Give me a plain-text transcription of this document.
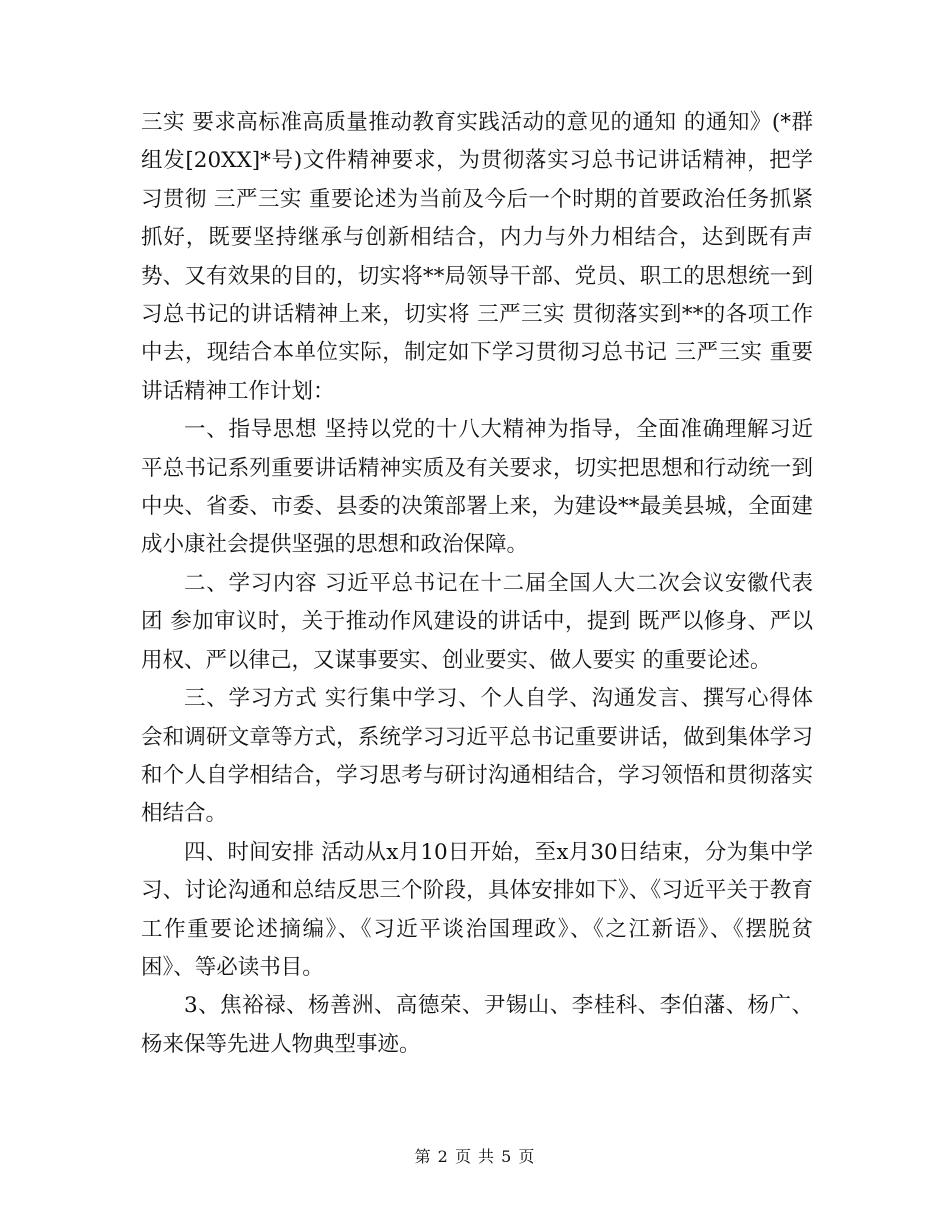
三实 要求高标准高质量推动教育实践活动的意见的通知 的通知》(*群组发[20XX]*号)文件精神要求，为贯彻落实习总书记讲话精神，把学习贯彻 三严三实 重要论述为当前及今后一个时期的首要政治任务抓紧抓好，既要坚持继承与创新相结合，内力与外力相结合，达到既有声势、又有效果的目的，切实将**局领导干部、党员、职工的思想统一到习总书记的讲话精神上来，切实将 三严三实 贯彻落实到**的各项工作中去，现结合本单位实际，制定如下学习贯彻习总书记 三严三实 重要讲话精神工作计划：

一、指导思想 坚持以党的十八大精神为指导，全面准确理解习近平总书记系列重要讲话精神实质及有关要求，切实把思想和行动统一到中央、省委、市委、县委的决策部署上来，为建设**最美县城，全面建成小康社会提供坚强的思想和政治保障。

二、学习内容 习近平总书记在十二届全国人大二次会议安徽代表团 参加审议时，关于推动作风建设的讲话中，提到 既严以修身、严以用权、严以律己，又谋事要实、创业要实、做人要实 的重要论述。

三、学习方式 实行集中学习、个人自学、沟通发言、撰写心得体会和调研文章等方式，系统学习习近平总书记重要讲话，做到集体学习和个人自学相结合，学习思考与研讨沟通相结合，学习领悟和贯彻落实相结合。

四、时间安排 活动从x月10日开始，至x月30日结束，分为集中学习、讨论沟通和总结反思三个阶段，具体安排如下》、《习近平关于教育工作重要论述摘编》、《习近平谈治国理政》、《之江新语》、《摆脱贫困》、等必读书目。

3、焦裕禄、杨善洲、高德荣、尹锡山、李桂科、李伯藩、杨广、杨来保等先进人物典型事迹。

第 2 页 共 5 页
